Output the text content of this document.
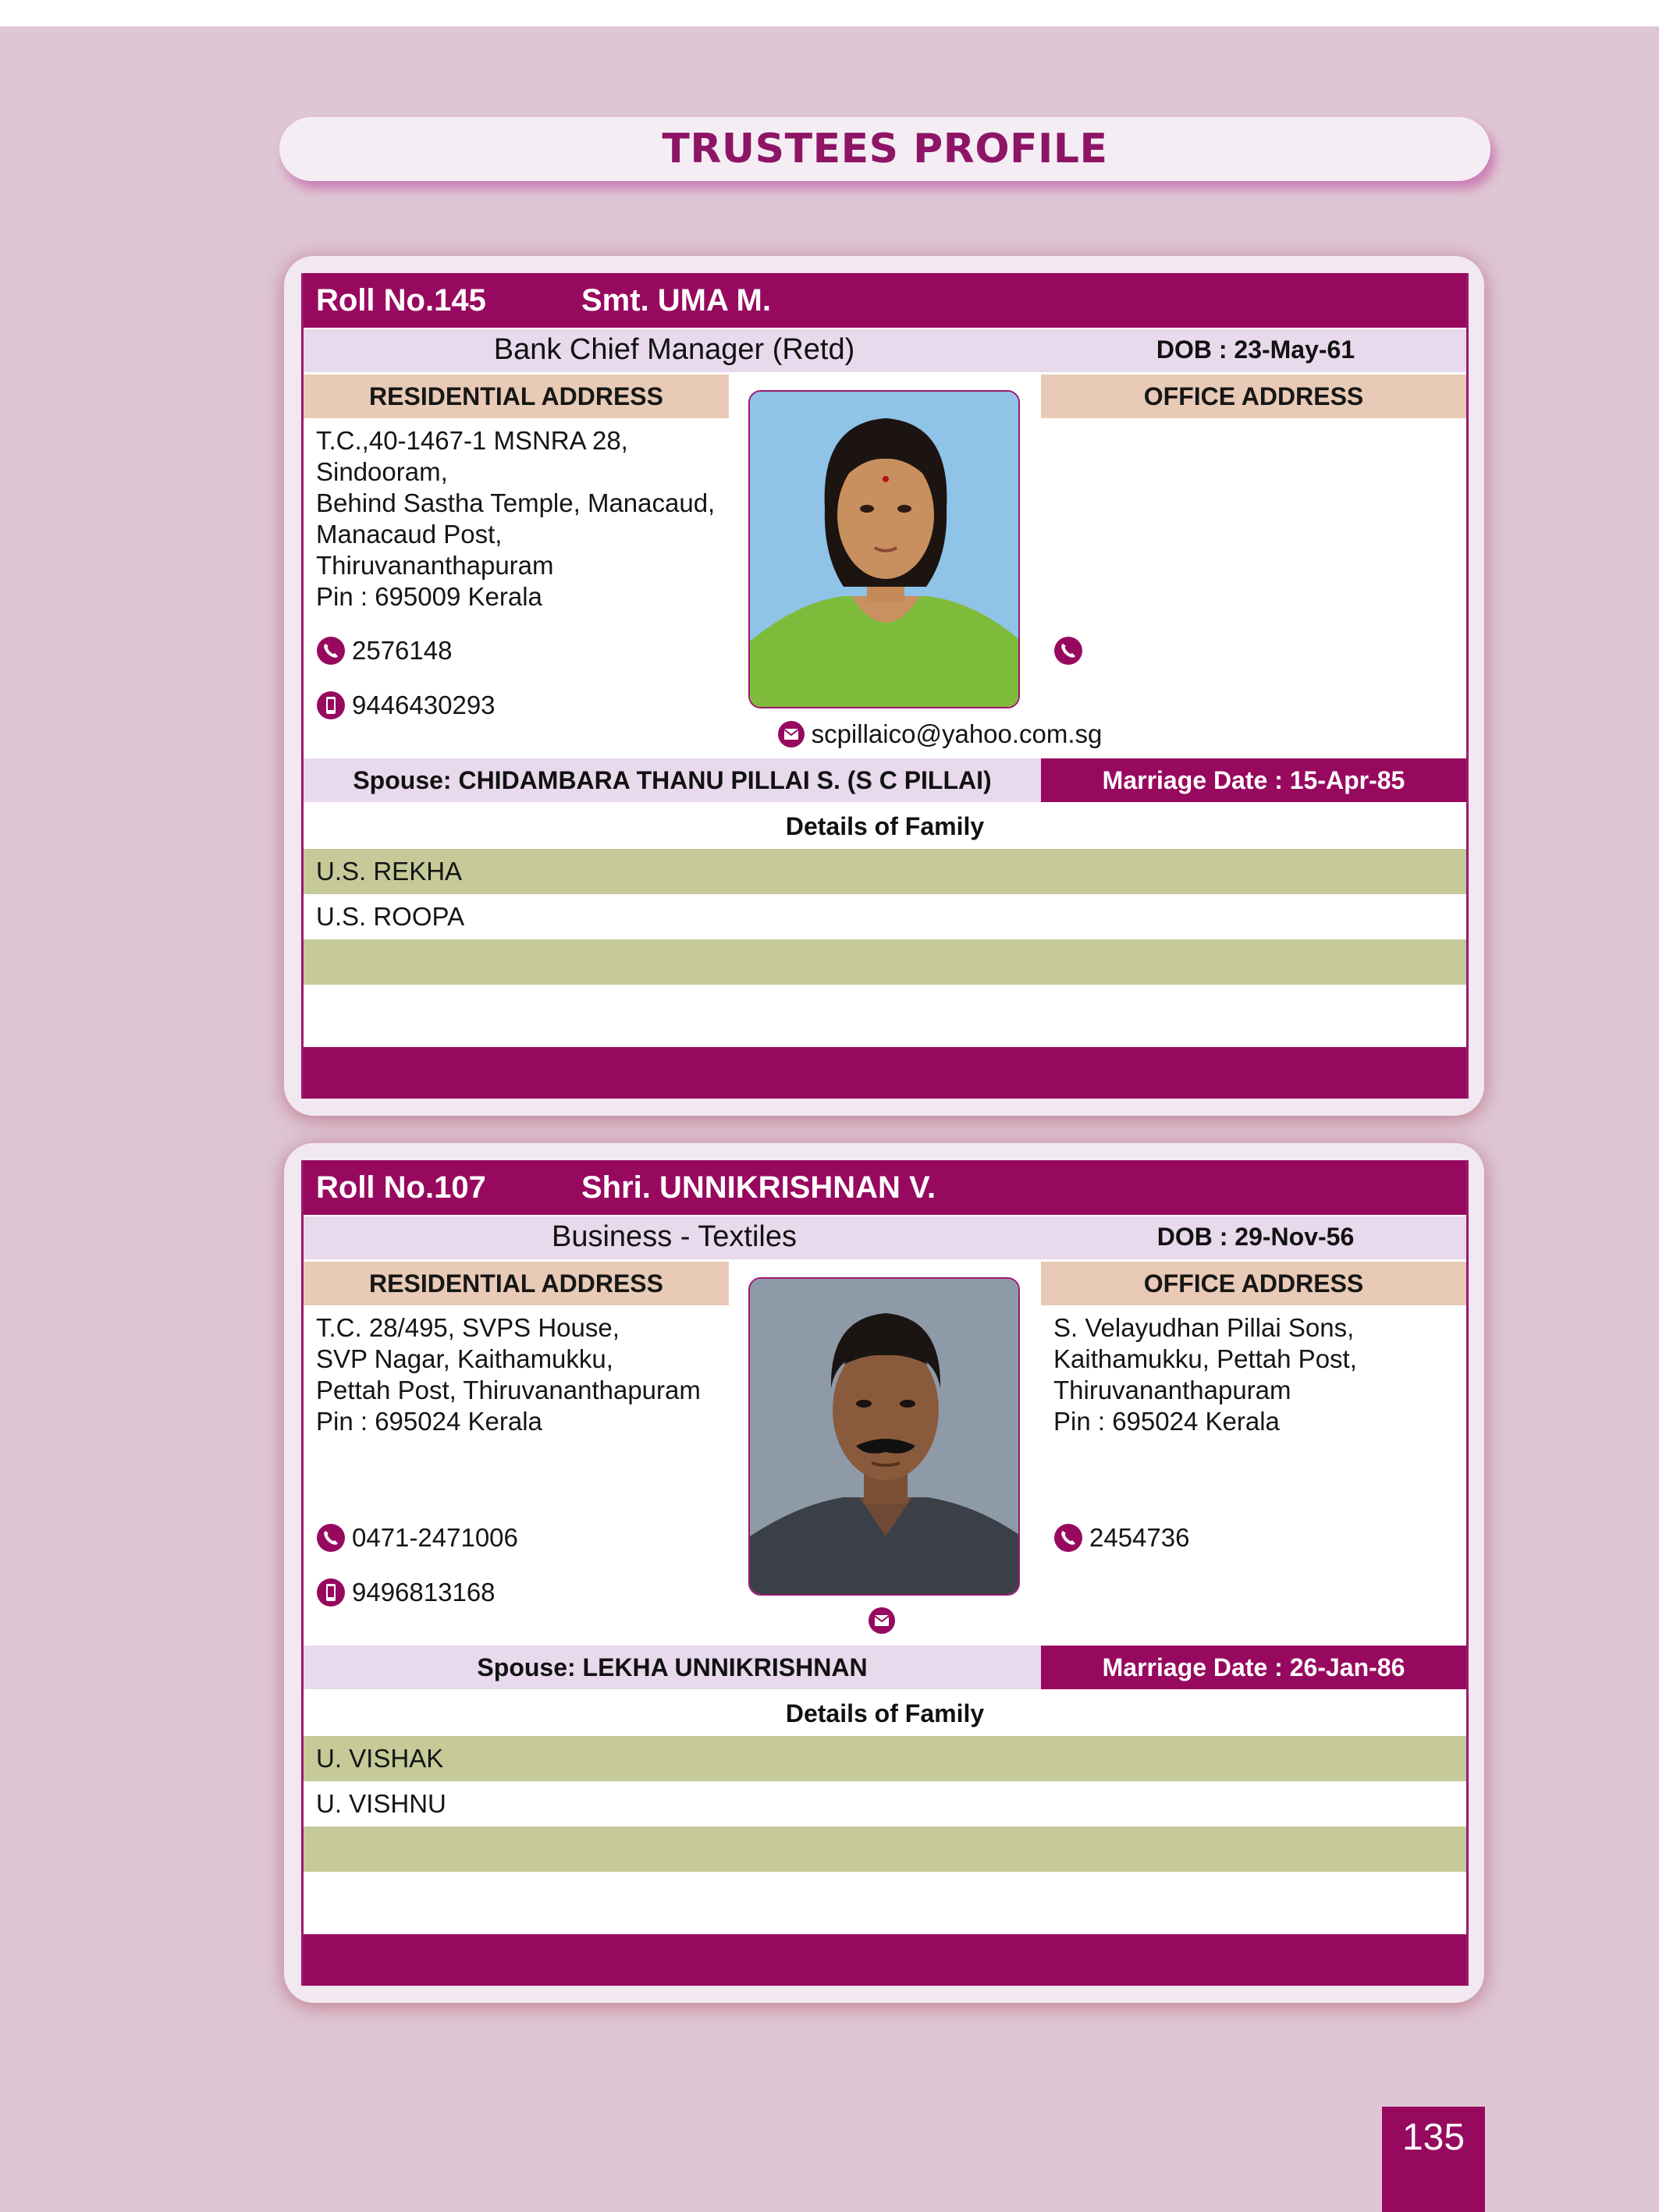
TRUSTEES PROFILE
Roll No.145	Smt. UMA M.
Bank Chief Manager (Retd)	DOB : 23-May-61
RESIDENTIAL ADDRESS	OFFICE ADDRESS
T.C.,40-1467-1 MSNRA 28,
Sindooram,
Behind Sastha Temple, Manacaud,
Manacaud Post,
Thiruvananthapuram
Pin : 695009 Kerala
2576148
9446430293
scpillaico@yahoo.com.sg
Spouse: CHIDAMBARA THANU PILLAI S. (S C PILLAI)	Marriage Date : 15-Apr-85
Details of Family
U.S. REKHA
U.S. ROOPA
Roll No.107	Shri. UNNIKRISHNAN V.
Business - Textiles	DOB : 29-Nov-56
RESIDENTIAL ADDRESS	OFFICE ADDRESS
T.C. 28/495, SVPS House,
SVP Nagar, Kaithamukku,
Pettah Post, Thiruvananthapuram
Pin : 695024 Kerala
S. Velayudhan Pillai Sons,
Kaithamukku, Pettah Post,
Thiruvananthapuram
Pin : 695024 Kerala
0471-2471006
9496813168
2454736
Spouse: LEKHA UNNIKRISHNAN	Marriage Date : 26-Jan-86
Details of Family
U. VISHAK
U. VISHNU
135
